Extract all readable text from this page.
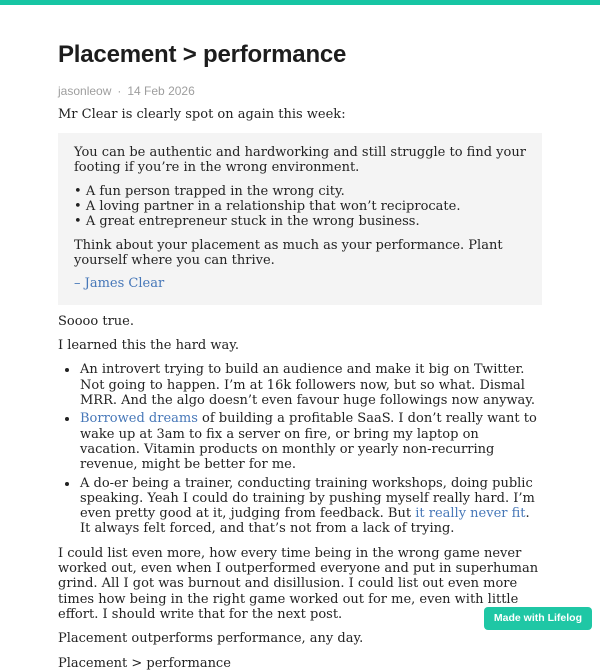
Placement > performance
jasonleow · 14 Feb 2026

Mr Clear is clearly spot on again this week:

You can be authentic and hardworking and still struggle to find your footing if you’re in the wrong environment.

• A fun person trapped in the wrong city.
• A loving partner in a relationship that won’t reciprocate.
• A great entrepreneur stuck in the wrong business.

Think about your placement as much as your performance. Plant yourself where you can thrive.

– James Clear

Soooo true.

I learned this the hard way.

• An introvert trying to build an audience and make it big on Twitter. Not going to happen. I’m at 16k followers now, but so what. Dismal MRR. And the algo doesn’t even favour huge followings now anyway.
• Borrowed dreams of building a profitable SaaS. I don’t really want to wake up at 3am to fix a server on fire, or bring my laptop on vacation. Vitamin products on monthly or yearly non-recurring revenue, might be better for me.
• A do-er being a trainer, conducting training workshops, doing public speaking. Yeah I could do training by pushing myself really hard. I’m even pretty good at it, judging from feedback. But it really never fit. It always felt forced, and that’s not from a lack of trying.

I could list even more, how every time being in the wrong game never worked out, even when I outperformed everyone and put in superhuman grind. All I got was burnout and disillusion. I could list out even more times how being in the right game worked out for me, even with little effort. I should write that for the next post.

Placement outperforms performance, any day.

Placement > performance

Made with Lifelog
